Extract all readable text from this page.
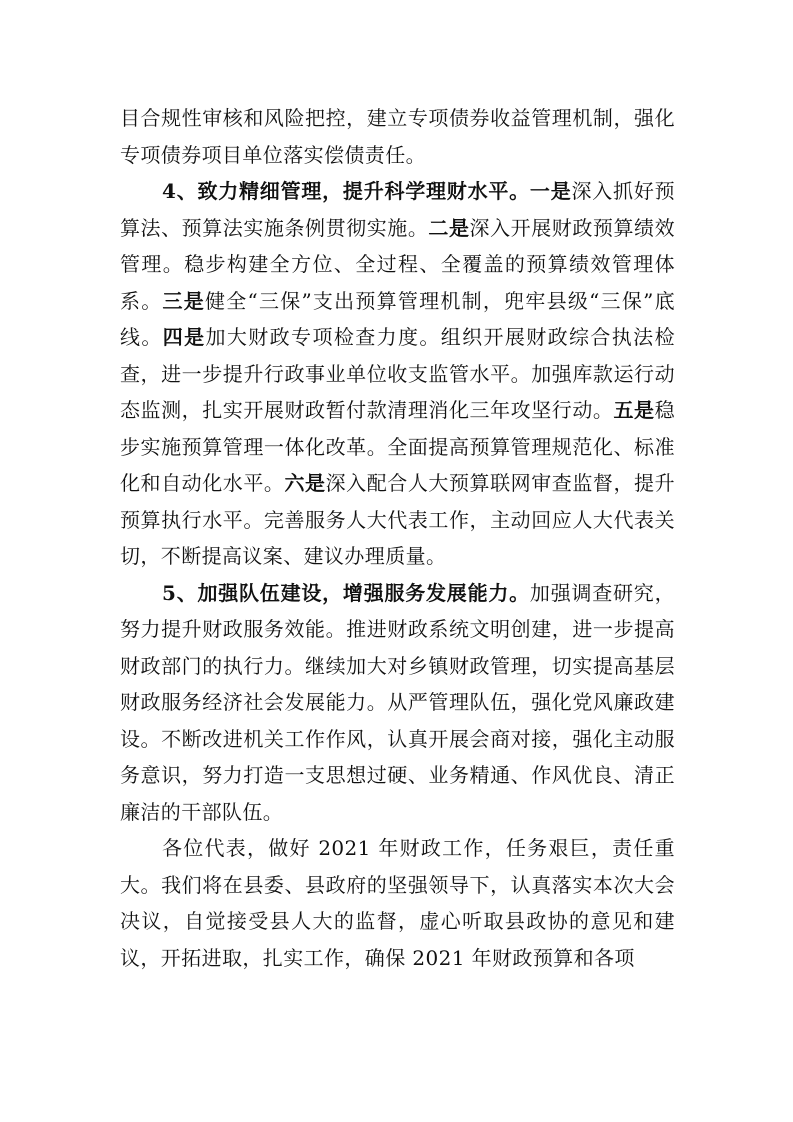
目合规性审核和风险把控，建立专项债券收益管理机制，强化专项债券项目单位落实偿债责任。

4、致力精细管理，提升科学理财水平。一是深入抓好预算法、预算法实施条例贯彻实施。二是深入开展财政预算绩效管理。稳步构建全方位、全过程、全覆盖的预算绩效管理体系。三是健全“三保”支出预算管理机制，兜牢县级“三保”底线。四是加大财政专项检查力度。组织开展财政综合执法检查，进一步提升行政事业单位收支监管水平。加强库款运行动态监测，扎实开展财政暂付款清理消化三年攻坚行动。五是稳步实施预算管理一体化改革。全面提高预算管理规范化、标准化和自动化水平。六是深入配合人大预算联网审查监督，提升预算执行水平。完善服务人大代表工作，主动回应人大代表关切，不断提高议案、建议办理质量。

5、加强队伍建设，增强服务发展能力。加强调查研究，努力提升财政服务效能。推进财政系统文明创建，进一步提高财政部门的执行力。继续加大对乡镇财政管理，切实提高基层财政服务经济社会发展能力。从严管理队伍，强化党风廉政建设。不断改进机关工作作风，认真开展会商对接，强化主动服务意识，努力打造一支思想过硬、业务精通、作风优良、清正廉洁的干部队伍。

各位代表，做好 2021 年财政工作，任务艰巨，责任重大。我们将在县委、县政府的坚强领导下，认真落实本次大会决议，自觉接受县人大的监督，虚心听取县政协的意见和建议，开拓进取，扎实工作，确保 2021 年财政预算和各项
